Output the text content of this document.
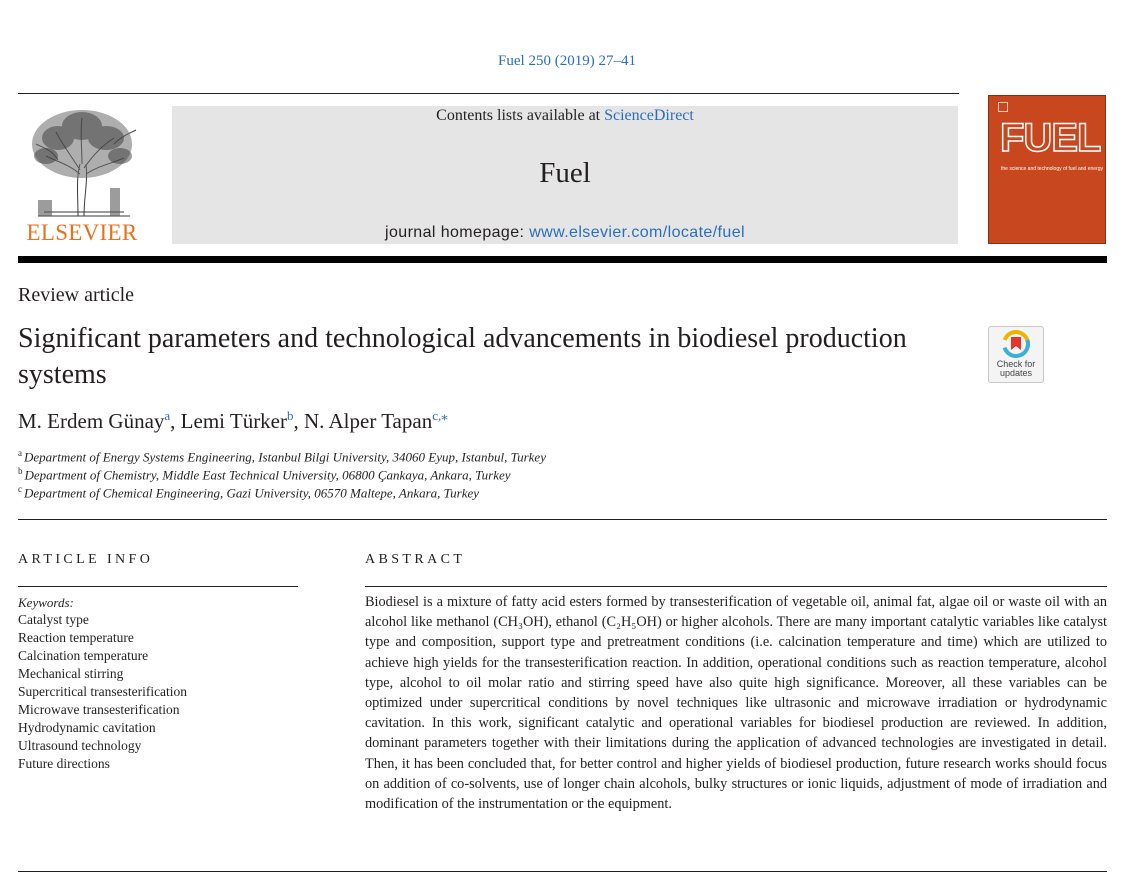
Fuel 250 (2019) 27–41
ELSEVIER
Contents lists available at ScienceDirect
Fuel
journal homepage: www.elsevier.com/locate/fuel
FUEL
the science and technology of fuel and energy
Review article
Significant parameters and technological advancements in biodiesel production systems	Check for
updates
M. Erdem Günay$^a$, Lemi Türker$^b$, N. Alper Tapan$^{c,⁎}$
$^a$ Department of Energy Systems Engineering, Istanbul Bilgi University, 34060 Eyup, Istanbul, Turkey
$^b$ Department of Chemistry, Middle East Technical University, 06800 Çankaya, Ankara, Turkey
$^c$ Department of Chemical Engineering, Gazi University, 06570 Maltepe, Ankara, Turkey
ARTICLE INFO
Keywords:
Catalyst type
Reaction temperature
Calcination temperature
Mechanical stirring
Supercritical transesterification
Microwave transesterification
Hydrodynamic cavitation
Ultrasound technology
Future directions
ABSTRACT
Biodiesel is a mixture of fatty acid esters formed by transesterification of vegetable oil, animal fat, algae oil or waste oil with an alcohol like methanol (CH₃OH), ethanol (C₂H₅OH) or higher alcohols. There are many important catalytic variables like catalyst type and composition, support type and pretreatment conditions (i.e. calcination temperature and time) which are utilized to achieve high yields for the transesterification reaction. In addition, operational conditions such as reaction temperature, alcohol type, alcohol to oil molar ratio and stirring speed have also quite high significance. Moreover, all these variables can be optimized under supercritical conditions by novel techniques like ultrasonic and microwave irradiation or hydrodynamic cavitation. In this work, significant catalytic and operational variables for biodiesel production are reviewed. In addition, dominant parameters together with their limitations during the application of advanced technologies are investigated in detail. Then, it has been concluded that, for better control and higher yields of biodiesel production, future research works should focus on addition of co-solvents, use of longer chain alcohols, bulky structures or ionic liquids, adjustment of mode of irradiation and modification of the instrumentation or the equipment.
